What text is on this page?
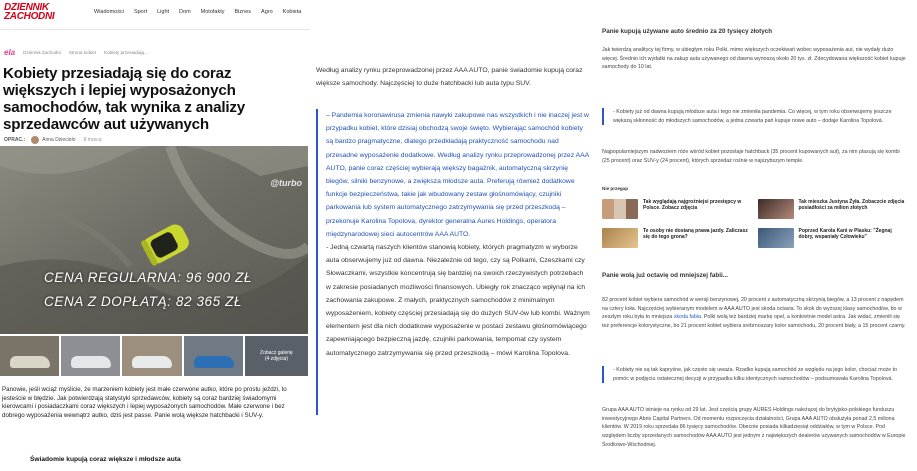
DZIENNIK
ZACHODNI	Wiadomości Sport Light Dom Motofakty Biznes Agro Kobieta
ela Dziennik Zachodni Strona kobiet Kobiety przesiadają...
Kobiety przesiadają się do coraz większych i lepiej wyposażonych samochodów, tak wynika z analizy sprzedawców aut używanych
OPRAC.:	Anna Dzieciolo 8 marca
@turbo
CENA REGULARNA: 96 900 ZŁ
CENA Z DOPŁATĄ: 82 365 ZŁ
Zobacz galerię
(4 zdjęcia)

Panowie, jeśli wciąż myślicie, że marzeniem kobiety jest małe czerwone autko, które po prostu jeździ, to jesteście w błędzie. Jak potwierdzają statystyki sprzedawców, kobiety są coraz bardziej świadomymi kierowcami i posiadaczkami coraz większych i lepiej wyposażonych samochodów. Małe czerwone i bez dobrego wyposażenia wewnątrz autko, dziś jest passe. Panie wolą większe hatchbacki i SUV-y.

Świadomie kupują coraz większe i młodsze auta

Według analizy rynku przeprowadzonej przez AAA AUTO, panie świadomie kupują coraz większe samochody. Najczęściej to duże hatchbacki lub auta typu SUV.

– Pandemia koronawirusa zmienia nawyki zakupowe nas wszystkich i nie inaczej jest w przypadku kobiet, które dzisiaj obchodzą swoje święto. Wybierając samochód kobiety są bardzo pragmatyczne, dlatego przedkładają praktyczność samochodu nad przesadne wyposażenie dodatkowe. Według analizy rynku przeprowadzonej przez AAA AUTO, panie coraz częściej wybierają większy bagażnik, automatyczną skrzynię biegów, silniki benzynowe, a zwiększa młodsze auta. Preferują również dodatkowe funkcje bezpieczeństwa, takie jak wbudowany zestaw głośnomówiący, czujniki parkowania lub system automatycznego zatrzymywania się przed przeszkodą – przekonuje Karolina Topolova, dyrektor generalna Aures Holdings, operatora międzynarodowej sieci autocentrów AAA AUTO.

- Jedną czwartą naszych klientów stanowią kobiety, których pragmatyzm w wyborze auta obserwujemy już od dawna. Niezależnie od tego, czy są Polkami, Czeszkami czy Słowaczkami, wszystkie koncentrują się bardziej na swoich rzeczywistych potrzebach w zakresie posiadanych możliwości finansowych. Ubiegły rok znacząco wpłynął na ich zachowania zakupowe. Z małych, praktycznych samochodów z minimalnym wyposażeniem, kobiety częściej przesiadają się do dużych SUV-ów lub kombi. Ważnym elementem jest dla nich dodatkowe wyposażenie w postaci zestawu głośnomówiącego zapewniającego bezpieczną jazdę, czujniki parkowania, tempomat czy system automatycznego zatrzymywania się przed przeszkodą – mówi Karolina Topolova.

Panie kupują używane auto średnio za 20 tysięcy złotych

Jak twierdzą analitycy tej firmy, w ubiegłym roku Polki, mimo większych oczekiwań wobec wyposażenia aut, nie wydały dużo więcej. Średnio ich wydatki na zakup auta używanego od dawna wynoszą około 20 tys. zł. Zdecydowana większość kobiet kupuje samochody do 10 lat.

- Kobiety już od dawna kupują młodsze auta i tego nie zmieniła pandemia. Co więcej, w tym roku obserwujemy jeszcze większą skłonność do młodszych samochodów, a jedna czwarta pań kupuje nowe auto – dodaje Karolina Topolová.

Najpopularniejszym nadwoziem róże wśród kobiet pozostaje hatchback (35 procent kupowanych aut), za nim plasują się kombi (25 procent) oraz SUV-y (24 procent), których sprzedaż rośnie w najszybszym tempie.

Nie przegap
Tak wyglądają najgroźniejsi przestępcy w Polsce. Zobacz zdjęcia
Tak mieszka Justyna Żyła. Zobaczcie zdjęcia posiadłości za milion złotych
Te osoby nie dostaną prawa jazdy. Zaliczasz się do tego grona?
Poprzed Karola Kani w Plasku: "Żegnaj dobry, wspaniały Człowieku"
Panie wolą już octavię od mniejszej fabii...

82 procent kobiet wybiera samochód w wersji benzynowej, 20 procent z automatyczną skrzynią biegów, a 13 procent z napędem na cztery koła. Najczęściej wybieranym modelem w AAA AUTO jest skoda octavia. To skok do wyższej klasy samochodów, bo w zeszłym roku była to mniejsza skoda fabia. Polki wolą też bardziej markę opel, a konkretnie model astra. Jak widać, zmienili się też preferencje kolorystyczne, bo 21 procent kobiet wybiera srebrnoszary kolor samochodu, 20 procent biały, a 15 procent czarny.

- Kobiety nie są tak kapryśne, jak często się uważa. Rzadko kupują samochód ze względu na jego kolor, chociaż może to pomóc w podjęciu ostatecznej decyzji w przypadku kilku identycznych samochodów – podsumowała Karolina Topolová.

Grupa AAA AUTO istnieje na rynku od 29 lat. Jest częścią grupy AURES Holdings należącej do brytyjsko-polskiego funduszu inwestycyjnego Abris Capital Partners. Od momentu rozpoczęcia działalności, Grupa AAA AUTO obsłużyła ponad 2,5 miliona klientów. W 2019 roku sprzedała 86 tysięcy samochodów. Obecnie posiada kilkadziesiąt oddziałów, w tym w Polsce. Pod względem liczby sprzedanych samochodów AAA AUTO jest jednym z największych dealerów używanych samochodów w Europie Środkowo-Wschodniej.
